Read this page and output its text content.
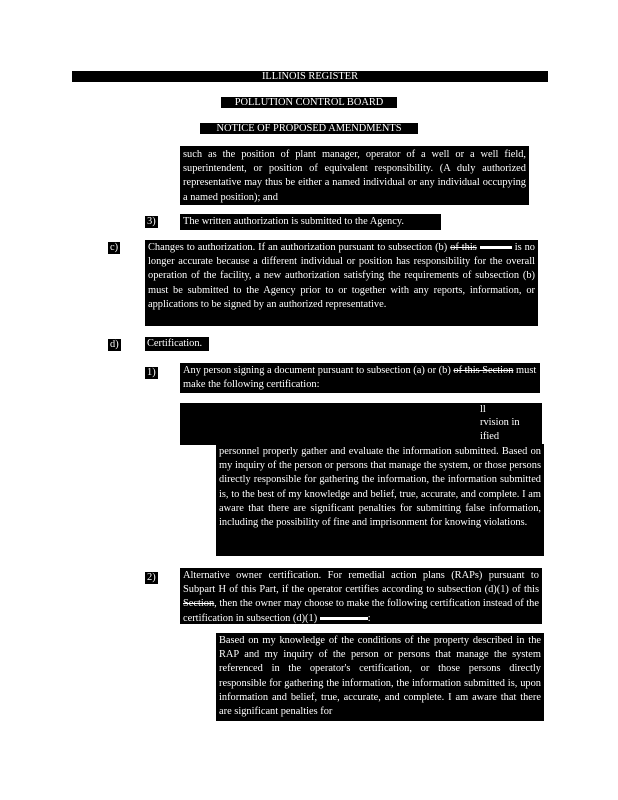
ILLINOIS REGISTER
POLLUTION CONTROL BOARD
NOTICE OF PROPOSED AMENDMENTS
such as the position of plant manager, operator of a well or a well field, superintendent, or position of equivalent responsibility. (A duly authorized representative may thus be either a named individual or any individual occupying a named position); and
3)	The written authorization is submitted to the Agency.
c)	Changes to authorization. If an authorization pursuant to subsection (b) of this	is no longer accurate because a different individual or position has responsibility for the overall operation of the facility, a new authorization satisfying the requirements of subsection (b) must be submitted to the Agency prior to or together with any reports, information, or applications to be signed by an authorized representative.
d)	Certification.
1)	Any person signing a document pursuant to subsection (a) or (b) of this Section must make the following certification:
ll
rvision in
ified
personnel properly gather and evaluate the information submitted. Based on my inquiry of the person or persons that manage the system, or those persons directly responsible for gathering the information, the information submitted is, to the best of my knowledge and belief, true, accurate, and complete. I am aware that there are significant penalties for submitting false information, including the possibility of fine and imprisonment for knowing violations.
2)	Alternative owner certification. For remedial action plans (RAPs) pursuant to Subpart H of this Part, if the operator certifies according to subsection (d)(1) of this Section, then the owner may choose to make the following certification instead of the certification in subsection (d)(1)	:
Based on my knowledge of the conditions of the property described in the RAP and my inquiry of the person or persons that manage the system referenced in the operator's certification, or those persons directly responsible for gathering the information, the information submitted is, upon information and belief, true, accurate, and complete. I am aware that there are significant penalties for
